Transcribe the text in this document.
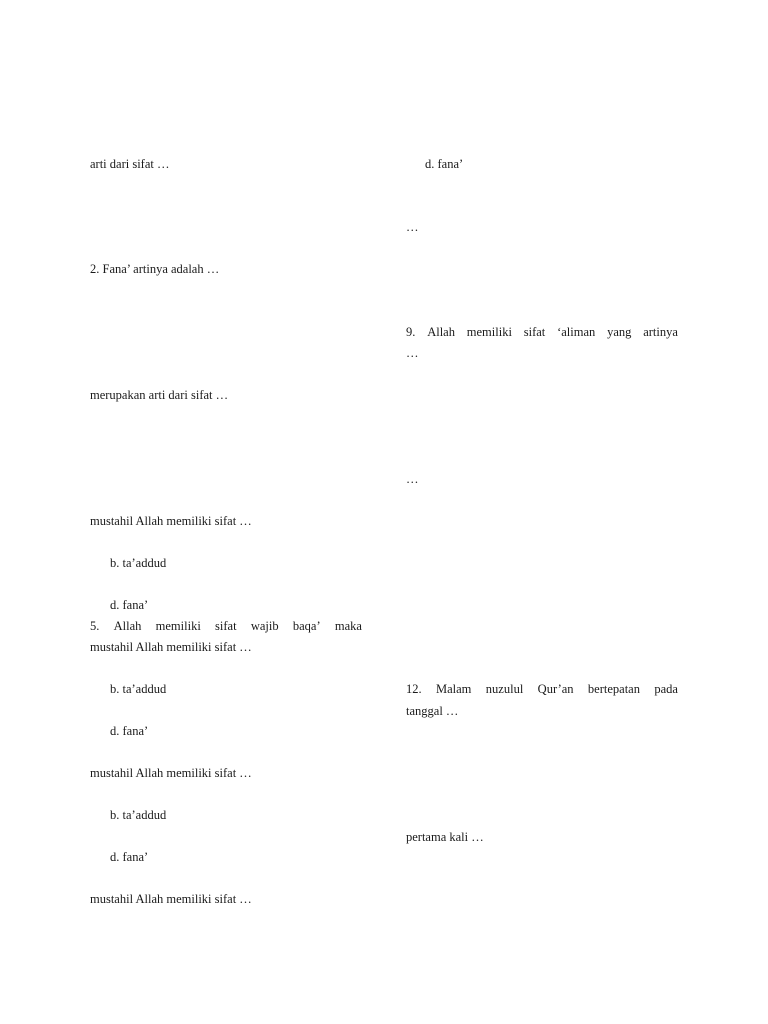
arti dari sifat …
2. Fana’ artinya adalah …
merupakan arti dari sifat …
mustahil Allah memiliki sifat …
b. ta’addud
d. fana’
5. Allah memiliki sifat wajib baqa’ maka
mustahil Allah memiliki sifat …
b. ta’addud
d. fana’
mustahil Allah memiliki sifat …
b. ta’addud
d. fana’
mustahil Allah memiliki sifat …
d. fana’
…
9. Allah memiliki sifat ‘aliman yang artinya
…
…
12. Malam nuzulul Qur’an bertepatan pada
tanggal …
pertama kali …
